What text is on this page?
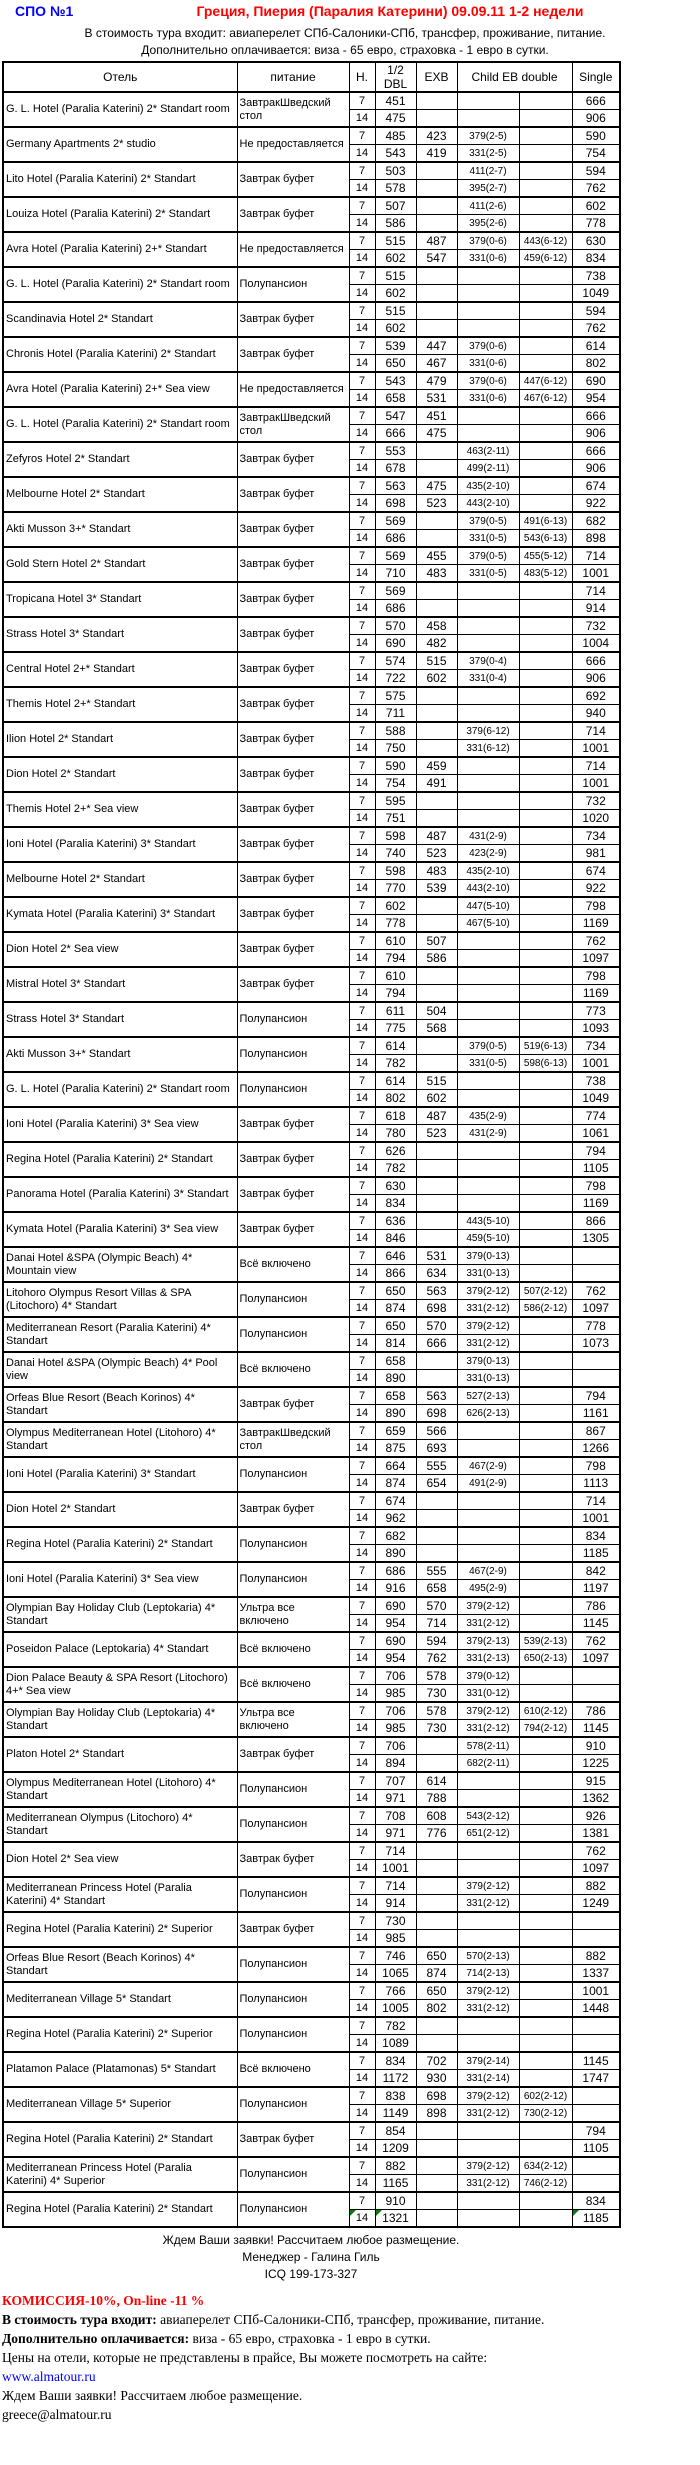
СПО №1	Греция, Пиерия (Паралия Катерини) 09.09.11 1-2 недели
В стоимость тура входит: авиаперелет СПб-Салоники-СПб, трансфер, проживание, питание.
Дополнительно оплачивается: виза - 65 евро, страховка - 1 евро в сутки.
Отель	питание	Н.	1/2 DBL	EXB	Child EB double		Single
G. L. Hotel (Paralia Katerini) 2* Standart room	ЗавтракШведский стол	7	451				666
		14	475				906
Germany Apartments 2* studio	Не предоставляется	7	485	423	379(2-5)		590
		14	543	419	331(2-5)		754
Lito Hotel (Paralia Katerini) 2* Standart	Завтрак буфет	7	503		411(2-7)		594
		14	578		395(2-7)		762
Louiza Hotel (Paralia Katerini) 2* Standart	Завтрак буфет	7	507		411(2-6)		602
		14	586		395(2-6)		778
Avra Hotel (Paralia Katerini) 2+* Standart	Не предоставляется	7	515	487	379(0-6)	443(6-12)	630
		14	602	547	331(0-6)	459(6-12)	834
G. L. Hotel (Paralia Katerini) 2* Standart room	Полупансион	7	515				738
		14	602				1049
Scandinavia Hotel 2* Standart	Завтрак буфет	7	515				594
		14	602				762
Chronis Hotel (Paralia Katerini) 2* Standart	Завтрак буфет	7	539	447	379(0-6)		614
		14	650	467	331(0-6)		802
Avra Hotel (Paralia Katerini) 2+* Sea view	Не предоставляется	7	543	479	379(0-6)	447(6-12)	690
		14	658	531	331(0-6)	467(6-12)	954
G. L. Hotel (Paralia Katerini) 2* Standart room	ЗавтракШведский стол	7	547	451			666
		14	666	475			906
Zefyros Hotel 2* Standart	Завтрак буфет	7	553		463(2-11)		666
		14	678		499(2-11)		906
Melbourne Hotel 2* Standart	Завтрак буфет	7	563	475	435(2-10)		674
		14	698	523	443(2-10)		922
Akti Musson 3+* Standart	Завтрак буфет	7	569		379(0-5)	491(6-13)	682
		14	686		331(0-5)	543(6-13)	898
Gold Stern Hotel 2* Standart	Завтрак буфет	7	569	455	379(0-5)	455(5-12)	714
		14	710	483	331(0-5)	483(5-12)	1001
Tropicana Hotel 3* Standart	Завтрак буфет	7	569				714
		14	686				914
Strass Hotel 3* Standart	Завтрак буфет	7	570	458			732
		14	690	482			1004
Central Hotel 2+* Standart	Завтрак буфет	7	574	515	379(0-4)		666
		14	722	602	331(0-4)		906
Themis Hotel 2+* Standart	Завтрак буфет	7	575				692
		14	711				940
Ilion Hotel 2* Standart	Завтрак буфет	7	588		379(6-12)		714
		14	750		331(6-12)		1001
Dion Hotel 2* Standart	Завтрак буфет	7	590	459			714
		14	754	491			1001
Themis Hotel 2+* Sea view	Завтрак буфет	7	595				732
		14	751				1020
Ioni Hotel (Paralia Katerini) 3* Standart	Завтрак буфет	7	598	487	431(2-9)		734
		14	740	523	423(2-9)		981
Melbourne Hotel 2* Standart	Завтрак буфет	7	598	483	435(2-10)		674
		14	770	539	443(2-10)		922
Kymata Hotel (Paralia Katerini) 3* Standart	Завтрак буфет	7	602		447(5-10)		798
		14	778		467(5-10)		1169
Dion Hotel 2* Sea view	Завтрак буфет	7	610	507			762
		14	794	586			1097
Mistral Hotel 3* Standart	Завтрак буфет	7	610				798
		14	794				1169
Strass Hotel 3* Standart	Полупансион	7	611	504			773
		14	775	568			1093
Akti Musson 3+* Standart	Полупансион	7	614		379(0-5)	519(6-13)	734
		14	782		331(0-5)	598(6-13)	1001
G. L. Hotel (Paralia Katerini) 2* Standart room	Полупансион	7	614	515			738
		14	802	602			1049
Ioni Hotel (Paralia Katerini) 3* Sea view	Завтрак буфет	7	618	487	435(2-9)		774
		14	780	523	431(2-9)		1061
Regina Hotel (Paralia Katerini) 2* Standart	Завтрак буфет	7	626				794
		14	782				1105
Panorama Hotel (Paralia Katerini) 3* Standart	Завтрак буфет	7	630				798
		14	834				1169
Kymata Hotel (Paralia Katerini) 3* Sea view	Завтрак буфет	7	636		443(5-10)		866
		14	846		459(5-10)		1305
Danai Hotel &SPA (Olympic Beach) 4* Mountain view	Всё включено	7	646	531	379(0-13)		
		14	866	634	331(0-13)		
Litohoro Olympus Resort Villas & SPA (Litochoro) 4* Standart	Полупансион	7	650	563	379(2-12)	507(2-12)	762
		14	874	698	331(2-12)	586(2-12)	1097
Mediterranean Resort (Paralia Katerini) 4* Standart	Полупансион	7	650	570	379(2-12)		778
		14	814	666	331(2-12)		1073
Danai Hotel &SPA (Olympic Beach) 4* Pool view	Всё включено	7	658		379(0-13)		
		14	890		331(0-13)		
Orfeas Blue Resort (Beach Korinos) 4* Standart	Завтрак буфет	7	658	563	527(2-13)		794
		14	890	698	626(2-13)		1161
Olympus Mediterranean Hotel (Litohoro) 4* Standart	ЗавтракШведский стол	7	659	566			867
		14	875	693			1266
Ioni Hotel (Paralia Katerini) 3* Standart	Полупансион	7	664	555	467(2-9)		798
		14	874	654	491(2-9)		1113
Dion Hotel 2* Standart	Завтрак буфет	7	674				714
		14	962				1001
Regina Hotel (Paralia Katerini) 2* Standart	Полупансион	7	682				834
		14	890				1185
Ioni Hotel (Paralia Katerini) 3* Sea view	Полупансион	7	686	555	467(2-9)		842
		14	916	658	495(2-9)		1197
Olympian Bay Holiday Club (Leptokaria) 4* Standart	Ультра все включено	7	690	570	379(2-12)		786
		14	954	714	331(2-12)		1145
Poseidon Palace (Leptokaria) 4* Standart	Всё включено	7	690	594	379(2-13)	539(2-13)	762
		14	954	762	331(2-13)	650(2-13)	1097
Dion Palace Beauty & SPA Resort (Litochoro) 4+* Sea view	Всё включено	7	706	578	379(0-12)		
		14	985	730	331(0-12)		
Olympian Bay Holiday Club (Leptokaria) 4* Standart	Ультра все включено	7	706	578	379(2-12)	610(2-12)	786
		14	985	730	331(2-12)	794(2-12)	1145
Platon Hotel 2* Standart	Завтрак буфет	7	706		578(2-11)		910
		14	894		682(2-11)		1225
Olympus Mediterranean Hotel (Litohoro) 4* Standart	Полупансион	7	707	614			915
		14	971	788			1362
Mediterranean Olympus (Litochoro) 4* Standart	Полупансион	7	708	608	543(2-12)		926
		14	971	776	651(2-12)		1381
Dion Hotel 2* Sea view	Завтрак буфет	7	714				762
		14	1001				1097
Mediterranean Princess Hotel (Paralia Katerini) 4* Standart	Полупансион	7	714		379(2-12)		882
		14	914		331(2-12)		1249
Regina Hotel (Paralia Katerini) 2* Superior	Завтрак буфет	7	730				
		14	985				
Orfeas Blue Resort (Beach Korinos) 4* Standart	Полупансион	7	746	650	570(2-13)		882
		14	1065	874	714(2-13)		1337
Mediterranean Village 5* Standart	Полупансион	7	766	650	379(2-12)		1001
		14	1005	802	331(2-12)		1448
Regina Hotel (Paralia Katerini) 2* Superior	Полупансион	7	782				
		14	1089				
Platamon Palace (Platamonas) 5* Standart	Всё включено	7	834	702	379(2-14)		1145
		14	1172	930	331(2-14)		1747
Mediterranean Village 5* Superior	Полупансион	7	838	698	379(2-12)	602(2-12)	
		14	1149	898	331(2-12)	730(2-12)	
Regina Hotel (Paralia Katerini) 2* Standart	Завтрак буфет	7	854				794
		14	1209				1105
Mediterranean Princess Hotel (Paralia Katerini) 4* Superior	Полупансион	7	882		379(2-12)	634(2-12)	
		14	1165		331(2-12)	746(2-12)	
Regina Hotel (Paralia Katerini) 2* Standart	Полупансион	7	910				834
		14	1321				1185
Ждем Ваши заявки! Рассчитаем любое размещение.
Менеджер - Галина Гиль
ICQ 199-173-327
КОМИССИЯ-10%, On-line -11 %
В стоимость тура входит: авиаперелет СПб-Салоники-СПб, трансфер, проживание, питание.
Дополнительно оплачивается: виза - 65 евро, страховка - 1 евро в сутки.
Цены на отели, которые не представлены в прайсе, Вы можете посмотреть на сайте:
www.almatour.ru
Ждем Ваши заявки! Рассчитаем любое размещение.
greece@almatour.ru
